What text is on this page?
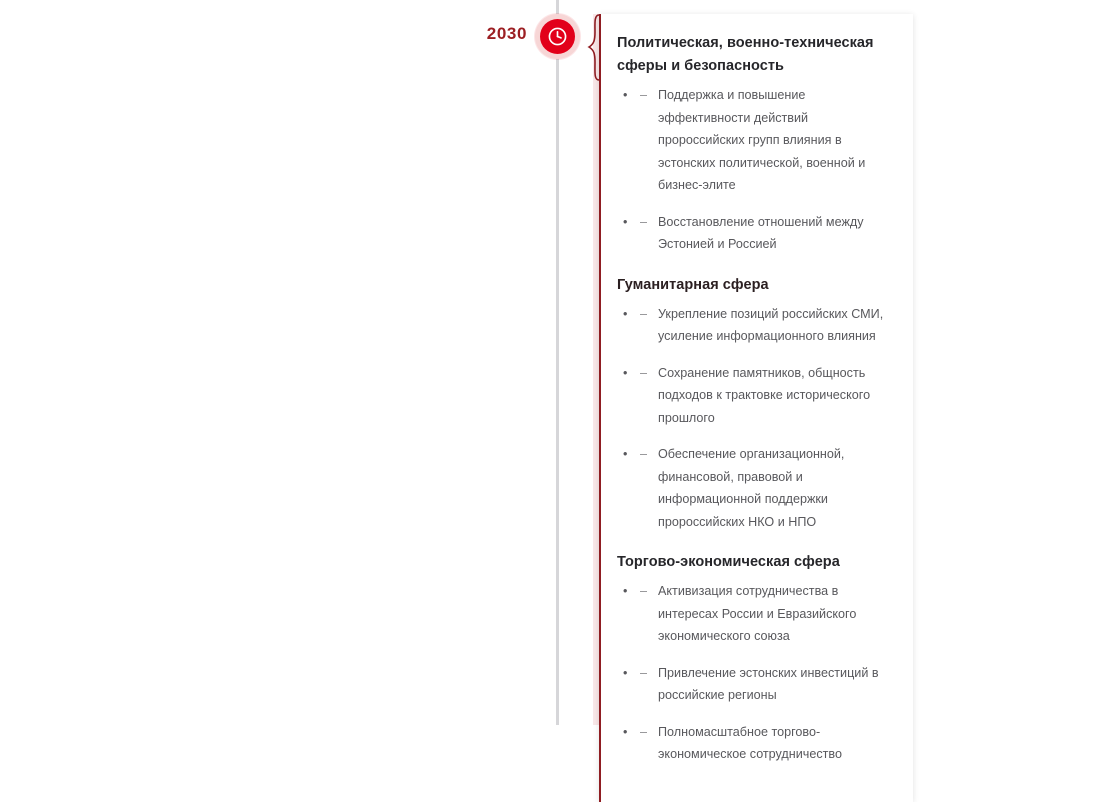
2030	Политическая, военно-техническая сферы и безопасность
• – Поддержка и повышение эффективности действий пророссийских групп влияния в эстонских политической, военной и бизнес-элите
• – Восстановление отношений между Эстонией и Россией
Гуманитарная сфера
• – Укрепление позиций российских СМИ, усиление информационного влияния
• – Сохранение памятников, общность подходов к трактовке исторического прошлого
• – Обеспечение организационной, финансовой, правовой и информационной поддержки пророссийских НКО и НПО
Торгово-экономическая сфера
• – Активизация сотрудничества в интересах России и Евразийского экономического союза
• – Привлечение эстонских инвестиций в российские регионы
• – Полномасштабное торгово-экономическое сотрудничество
